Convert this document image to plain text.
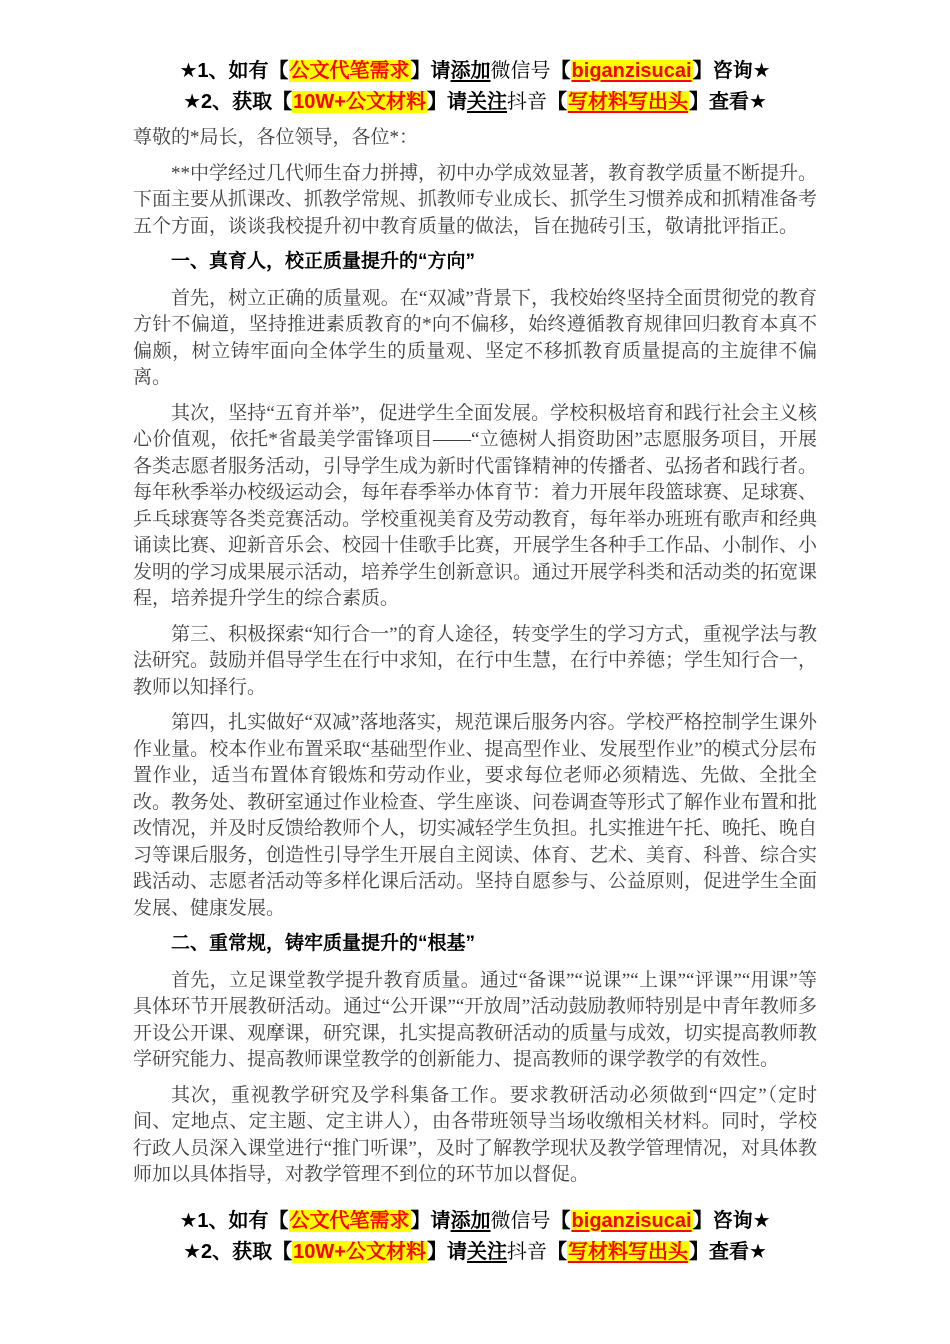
★1、如有【公文代笔需求】请添加微信号【biganzisucai】咨询★

★2、获取【10W+公文材料】请关注抖音【写材料写出头】查看★

尊敬的*局长，各位领导，各位*：

**中学经过几代师生奋力拼搏，初中办学成效显著，教育教学质量不断提升。下面主要从抓课改、抓教学常规、抓教师专业成长、抓学生习惯养成和抓精准备考五个方面，谈谈我校提升初中教育质量的做法，旨在抛砖引玉，敬请批评指正。

一、真育人，校正质量提升的“方向”

首先，树立正确的质量观。在“双减”背景下，我校始终坚持全面贯彻党的教育方针不偏道，坚持推进素质教育的*向不偏移，始终遵循教育规律回归教育本真不偏颇，树立铸牢面向全体学生的质量观、坚定不移抓教育质量提高的主旋律不偏离。

其次，坚持“五育并举”，促进学生全面发展。学校积极培育和践行社会主义核心价值观，依托*省最美学雷锋项目——“立德树人捐资助困”志愿服务项目，开展各类志愿者服务活动，引导学生成为新时代雷锋精神的传播者、弘扬者和践行者。每年秋季举办校级运动会，每年春季举办体育节：着力开展年段篮球赛、足球赛、乒乓球赛等各类竞赛活动。学校重视美育及劳动教育，每年举办班班有歌声和经典诵读比赛、迎新音乐会、校园十佳歌手比赛，开展学生各种手工作品、小制作、小发明的学习成果展示活动，培养学生创新意识。通过开展学科类和活动类的拓宽课程，培养提升学生的综合素质。

第三、积极探索“知行合一”的育人途径，转变学生的学习方式，重视学法与教法研究。鼓励并倡导学生在行中求知，在行中生慧，在行中养德；学生知行合一，教师以知择行。

第四，扎实做好“双减”落地落实，规范课后服务内容。学校严格控制学生课外作业量。校本作业布置采取“基础型作业、提高型作业、发展型作业”的模式分层布置作业，适当布置体育锻炼和劳动作业，要求每位老师必须精选、先做、全批全改。教务处、教研室通过作业检查、学生座谈、问卷调查等形式了解作业布置和批改情况，并及时反馈给教师个人，切实减轻学生负担。扎实推进午托、晚托、晚自习等课后服务，创造性引导学生开展自主阅读、体育、艺术、美育、科普、综合实践活动、志愿者活动等多样化课后活动。坚持自愿参与、公益原则，促进学生全面发展、健康发展。

二、重常规，铸牢质量提升的“根基”

首先，立足课堂教学提升教育质量。通过“备课”“说课”“上课”“评课”“用课”等具体环节开展教研活动。通过“公开课”“开放周”活动鼓励教师特别是中青年教师多开设公开课、观摩课，研究课，扎实提高教研活动的质量与成效，切实提高教师教学研究能力、提高教师课堂教学的创新能力、提高教师的课学教学的有效性。

其次，重视教学研究及学科集备工作。要求教研活动必须做到“四定”（定时间、定地点、定主题、定主讲人），由各带班领导当场收缴相关材料。同时，学校行政人员深入课堂进行“推门听课”，及时了解教学现状及教学管理情况，对具体教师加以具体指导，对教学管理不到位的环节加以督促。

★1、如有【公文代笔需求】请添加微信号【biganzisucai】咨询★

★2、获取【10W+公文材料】请关注抖音【写材料写出头】查看★
